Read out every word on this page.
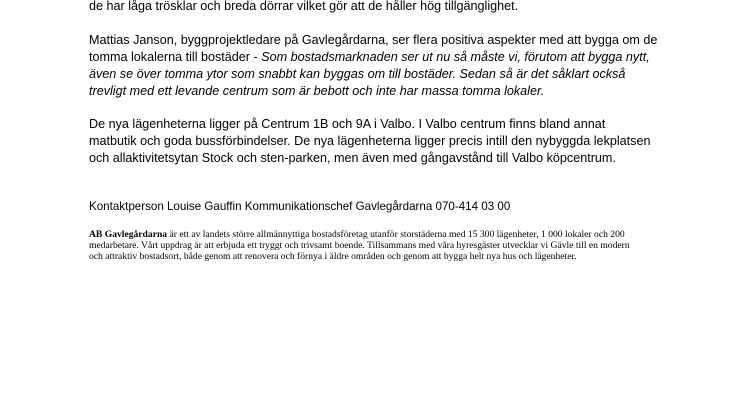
de har låga trösklar och breda dörrar vilket gör att de håller hög tillgänglighet.

Mattias Janson, byggprojektledare på Gavlegårdarna, ser flera positiva aspekter med att bygga om de
tomma lokalerna till bostäder - Som bostadsmarknaden ser ut nu så måste vi, förutom att bygga nytt,
även se över tomma ytor som snabbt kan byggas om till bostäder. Sedan så är det såklart också
trevligt med ett levande centrum som är bebott och inte har massa tomma lokaler.

De nya lägenheterna ligger på Centrum 1B och 9A i Valbo. I Valbo centrum finns bland annat
matbutik och goda bussförbindelser. De nya lägenheterna ligger precis intill den nybyggda lekplatsen
och allaktivitetsytan Stock och sten-parken, men även med gångavstånd till Valbo köpcentrum.

Kontaktperson Louise Gauffin Kommunikationschef Gavlegårdarna 070-414 03 00
AB Gavlegårdarna är ett av landets större allmännyttiga bostadsföretag utanför storstäderna med 15 300 lägenheter, 1 000 lokaler och 200
medarbetare. Vårt uppdrag är att erbjuda ett tryggt och trivsamt boende. Tillsammans med våra hyresgäster utvecklar vi Gävle till en modern
och attraktiv bostadsort, både genom att renovera och förnya i äldre områden och genom att bygga helt nya hus och lägenheter.
